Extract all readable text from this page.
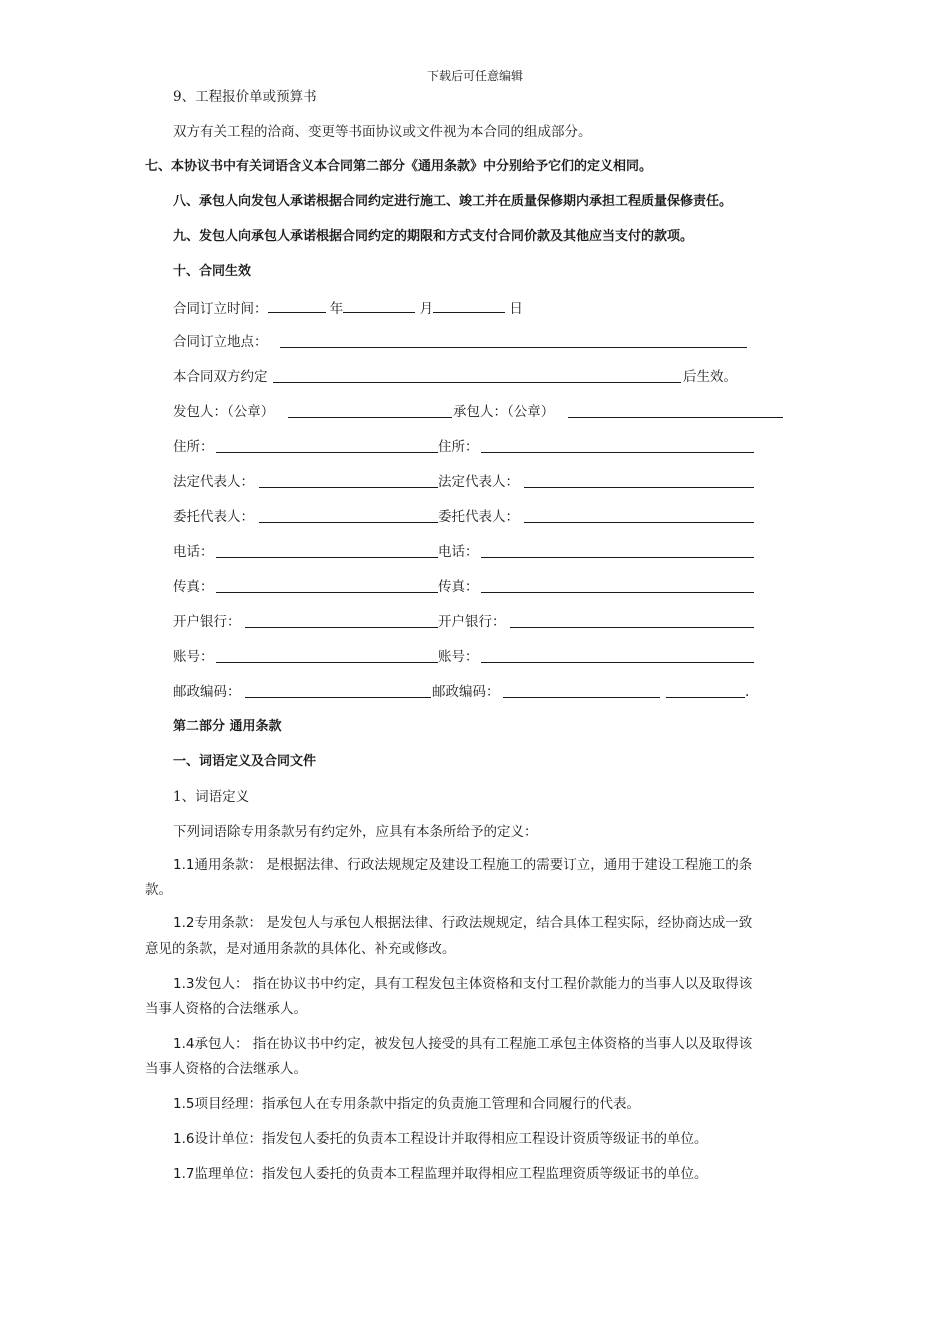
下载后可任意编辑
9、工程报价单或预算书
双方有关工程的洽商、变更等书面协议或文件视为本合同的组成部分。
七、本协议书中有关词语含义本合同第二部分《通用条款》中分别给予它们的定义相同。
八、承包人向发包人承诺根据合同约定进行施工、竣工并在质量保修期内承担工程质量保修责任。
九、发包人向承包人承诺根据合同约定的期限和方式支付合同价款及其他应当支付的款项。
十、合同生效
合同订立时间：	年	月	日
合同订立地点：
本合同双方约定	后生效。
发包人：（公章）	承包人：（公章）
住所：	住所：
法定代表人：	法定代表人：
委托代表人：	委托代表人：
电话：	电话：
传真：	传真：
开户银行：	开户银行：
账号：	账号：
邮政编码：	邮政编码：	.
第二部分 通用条款
一、词语定义及合同文件
1、词语定义
下列词语除专用条款另有约定外，应具有本条所给予的定义：
1.1通用条款： 是根据法律、行政法规规定及建设工程施工的需要订立，通用于建设工程施工的条
款。
1.2专用条款： 是发包人与承包人根据法律、行政法规规定，结合具体工程实际，经协商达成一致
意见的条款，是对通用条款的具体化、补充或修改。
1.3发包人： 指在协议书中约定，具有工程发包主体资格和支付工程价款能力的当事人以及取得该
当事人资格的合法继承人。
1.4承包人： 指在协议书中约定，被发包人接受的具有工程施工承包主体资格的当事人以及取得该
当事人资格的合法继承人。
1.5项目经理：指承包人在专用条款中指定的负责施工管理和合同履行的代表。
1.6设计单位：指发包人委托的负责本工程设计并取得相应工程设计资质等级证书的单位。
1.7监理单位：指发包人委托的负责本工程监理并取得相应工程监理资质等级证书的单位。
